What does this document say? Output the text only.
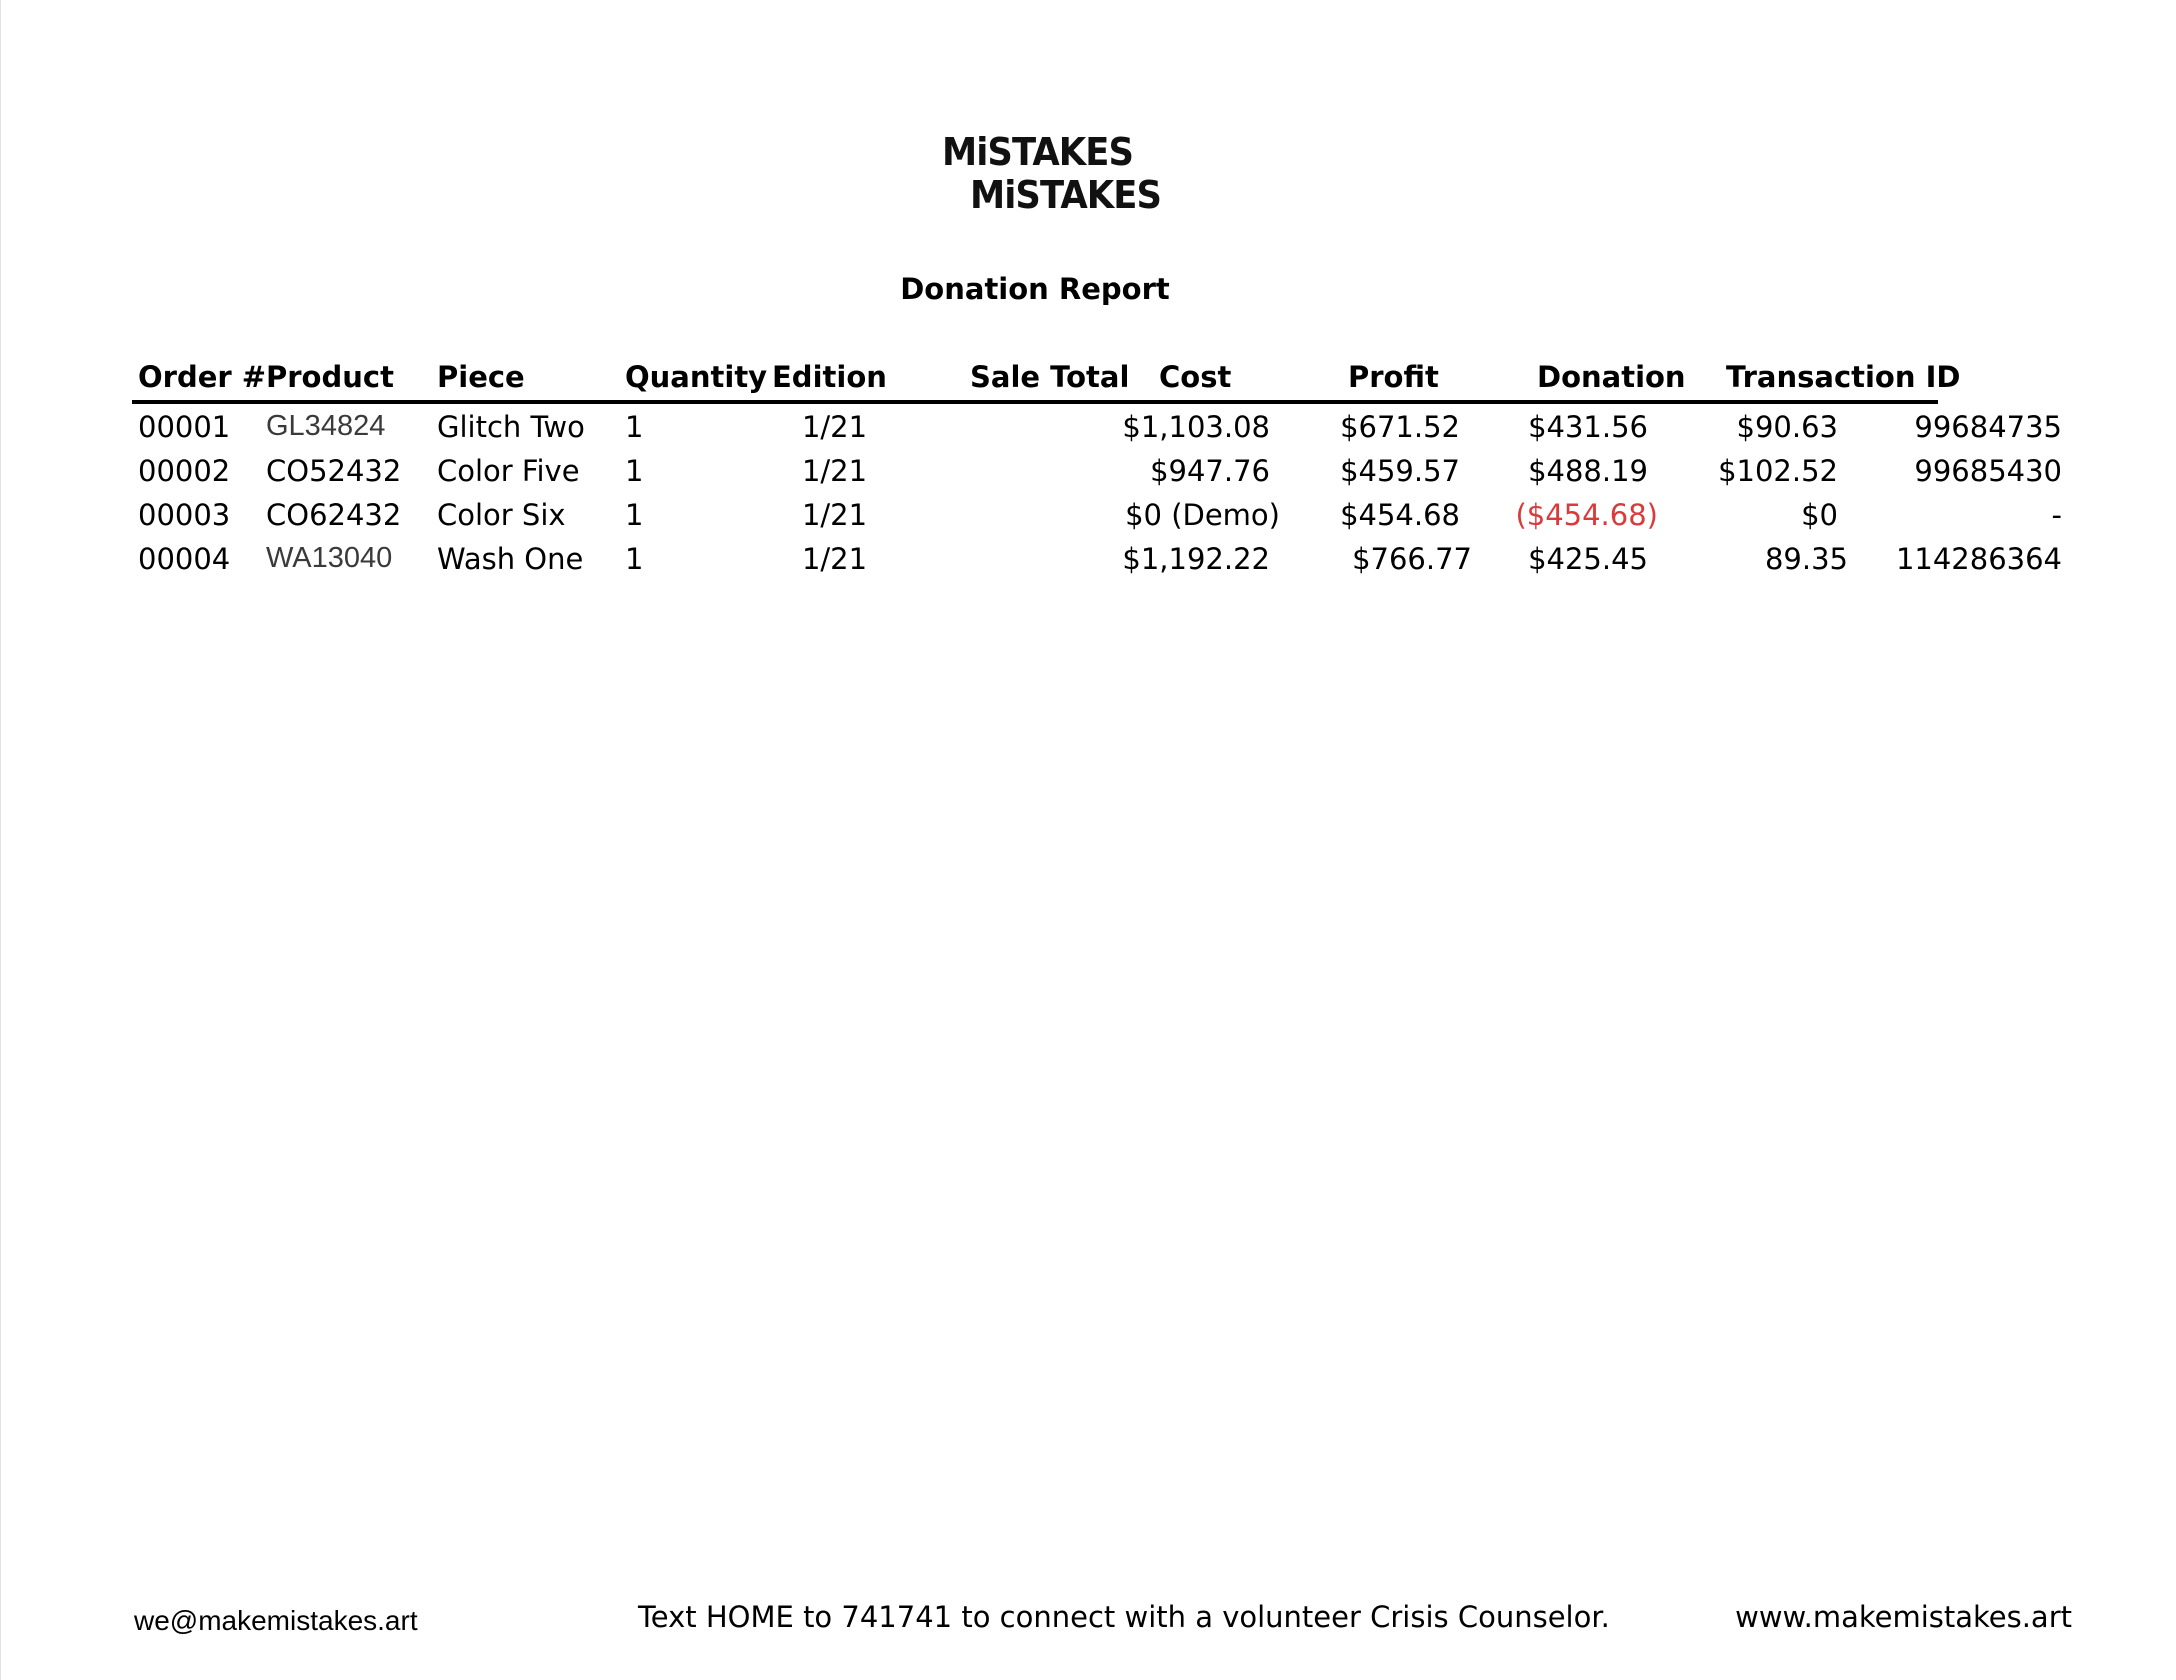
MiSTAKES
MiSTAKES
Donation Report
Order # Product Piece	Quantity Edition	Sale Total Cost	Profit	Donation Transaction ID
00001 GL34824 Glitch Two 1	1/21	$1,103.08 $671.52 $431.56	$90.63	99684735
00002 CO52432 Color Five 1	1/21	$947.76 $459.57 $488.19 $102.52	99685430
00003 CO62432 Color Six 1	1/21	$0 (Demo) $454.68 ($454.68)	$0	-
00004 WA13040 Wash One 1	1/21	$1,192.22	$766.77 $425.45	89.35 114286364
we@makemistakes.art	Text HOME to 741741 to connect with a volunteer Crisis Counselor.	www.makemistakes.art
